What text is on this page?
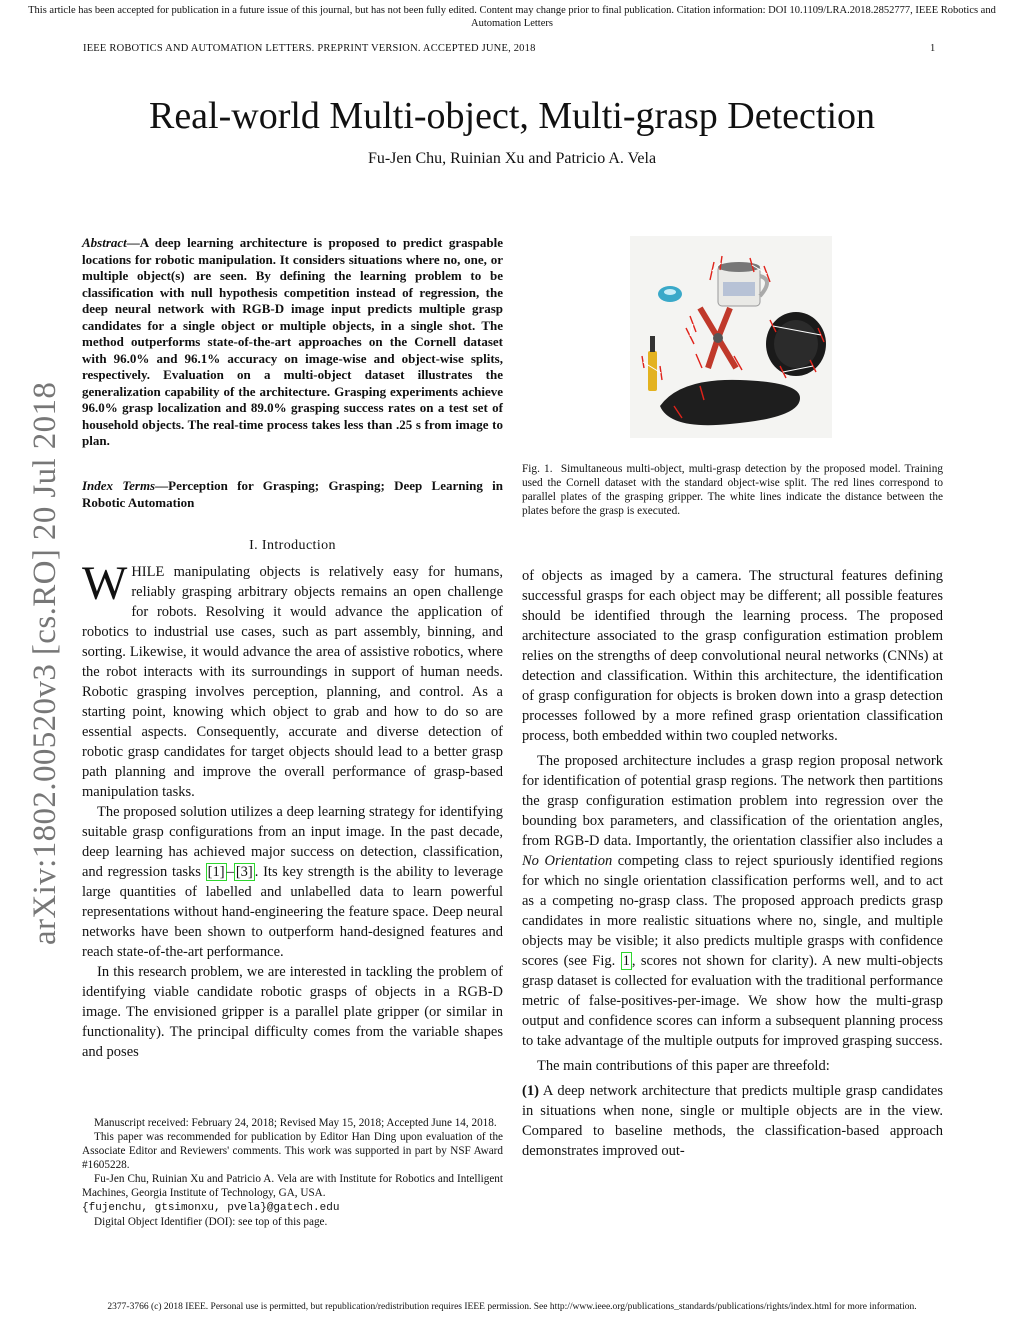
This article has been accepted for publication in a future issue of this journal, but has not been fully edited. Content may change prior to final publication. Citation information: DOI 10.1109/LRA.2018.2852777, IEEE Robotics and Automation Letters
IEEE ROBOTICS AND AUTOMATION LETTERS. PREPRINT VERSION. ACCEPTED JUNE, 2018	1
Real-world Multi-object, Multi-grasp Detection
Fu-Jen Chu, Ruinian Xu and Patricio A. Vela
arXiv:1802.00520v3 [cs.RO] 20 Jul 2018
Abstract—A deep learning architecture is proposed to predict graspable locations for robotic manipulation. It considers situations where no, one, or multiple object(s) are seen. By defining the learning problem to be classification with null hypothesis competition instead of regression, the deep neural network with RGB-D image input predicts multiple grasp candidates for a single object or multiple objects, in a single shot. The method outperforms state-of-the-art approaches on the Cornell dataset with 96.0% and 96.1% accuracy on image-wise and object-wise splits, respectively. Evaluation on a multi-object dataset illustrates the generalization capability of the architecture. Grasping experiments achieve 96.0% grasp localization and 89.0% grasping success rates on a test set of household objects. The real-time process takes less than .25 s from image to plan.
Index Terms—Perception for Grasping; Grasping; Deep Learning in Robotic Automation
I. Introduction

WHILE manipulating objects is relatively easy for humans, reliably grasping arbitrary objects remains an open challenge for robots. Resolving it would advance the application of robotics to industrial use cases, such as part assembly, binning, and sorting. Likewise, it would advance the area of assistive robotics, where the robot interacts with its surroundings in support of human needs. Robotic grasping involves perception, planning, and control. As a starting point, knowing which object to grab and how to do so are essential aspects. Consequently, accurate and diverse detection of robotic grasp candidates for target objects should lead to a better grasp path planning and improve the overall performance of grasp-based manipulation tasks.

The proposed solution utilizes a deep learning strategy for identifying suitable grasp configurations from an input image. In the past decade, deep learning has achieved major success on detection, classification, and regression tasks [1] – [3] . Its key strength is the ability to leverage large quantities of labelled and unlabelled data to learn powerful representations without hand-engineering the feature space. Deep neural networks have been shown to outperform hand-designed features and reach state-of-the-art performance.

In this research problem, we are interested in tackling the problem of identifying viable candidate robotic grasps of objects in a RGB-D image. The envisioned gripper is a parallel plate gripper (or similar in functionality). The principal difficulty comes from the variable shapes and poses

Manuscript received: February 24, 2018; Revised May 15, 2018; Accepted June 14, 2018.

This paper was recommended for publication by Editor Han Ding upon evaluation of the Associate Editor and Reviewers' comments. This work was supported in part by NSF Award #1605228.

Fu-Jen Chu, Ruinian Xu and Patricio A. Vela are with Institute for Robotics and Intelligent Machines, Georgia Institute of Technology, GA, USA.

{fujenchu, gtsimonxu, pvela}@gatech.edu

Digital Object Identifier (DOI): see top of this page.

Fig. 1. Simultaneous multi-object, multi-grasp detection by the proposed model. Training used the Cornell dataset with the standard object-wise split. The red lines correspond to parallel plates of the grasping gripper. The white lines indicate the distance between the plates before the grasp is executed.

of objects as imaged by a camera. The structural features defining successful grasps for each object may be different; all possible features should be identified through the learning process. The proposed architecture associated to the grasp configuration estimation problem relies on the strengths of deep convolutional neural networks (CNNs) at detection and classification. Within this architecture, the identification of grasp configuration for objects is broken down into a grasp detection processes followed by a more refined grasp orientation classification process, both embedded within two coupled networks.

The proposed architecture includes a grasp region proposal network for identification of potential grasp regions. The network then partitions the grasp configuration estimation problem into regression over the bounding box parameters, and classification of the orientation angles, from RGB-D data. Importantly, the orientation classifier also includes a No Orientation competing class to reject spuriously identified regions for which no single orientation classification performs well, and to act as a competing no-grasp class. The proposed approach predicts grasp candidates in more realistic situations where no, single, and multiple objects may be visible; it also predicts multiple grasps with confidence scores (see Fig. 1 , scores not shown for clarity). A new multi-objects grasp dataset is collected for evaluation with the traditional performance metric of false-positives-per-image. We show how the multi-grasp output and confidence scores can inform a subsequent planning process to take advantage of the multiple outputs for improved grasping success.

The main contributions of this paper are threefold:

(1) A deep network architecture that predicts multiple grasp candidates in situations when none, single or multiple objects are in the view. Compared to baseline methods, the classification-based approach demonstrates improved out-

2377-3766 (c) 2018 IEEE. Personal use is permitted, but republication/redistribution requires IEEE permission. See http://www.ieee.org/publications_standards/publications/rights/index.html for more information.
